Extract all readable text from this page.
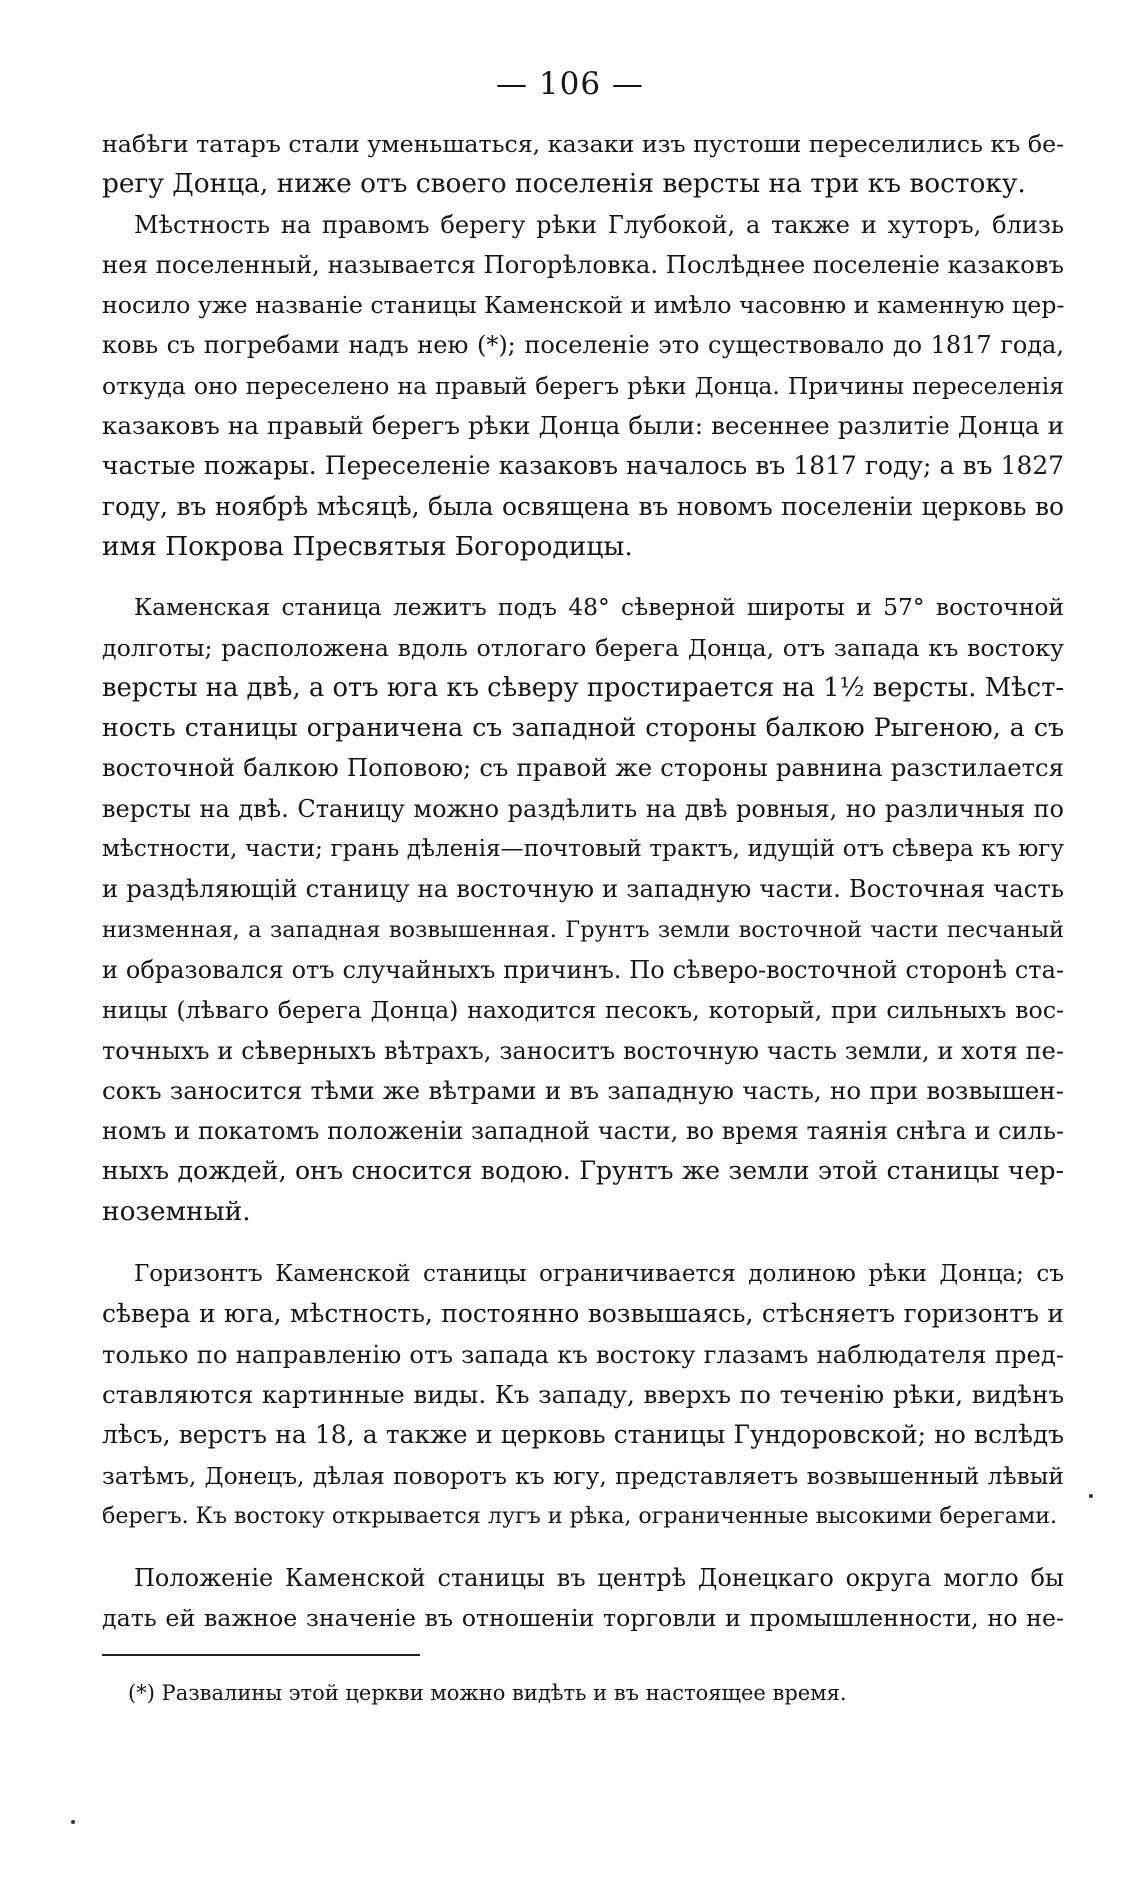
— 106 —

набѣги татаръ стали уменьшаться, казаки изъ пустоши переселились къ бе-
регу Донца, ниже отъ своего поселенія версты на три къ востоку.

Мѣстность на правомъ берегу рѣки Глубокой, а также и хуторъ, близь
нея поселенный, называется Погорѣловка. Послѣднее поселеніе казаковъ
носило уже названіе станицы Каменской и имѣло часовню и каменную цер-
ковь съ погребами надъ нею (*); поселеніе это существовало до 1817 года,
откуда оно переселено на правый берегъ рѣки Донца. Причины переселенія
казаковъ на правый берегъ рѣки Донца были: весеннее разлитіе Донца и
частые пожары. Переселеніе казаковъ началось въ 1817 году; а въ 1827
году, въ ноябрѣ мѣсяцѣ, была освящена въ новомъ поселеніи церковь во
имя Покрова Пресвятыя Богородицы.

Каменская станица лежитъ подъ 48° сѣверной широты и 57° восточной
долготы; расположена вдоль отлогаго берега Донца, отъ запада къ востоку
версты на двѣ, а отъ юга къ сѣверу простирается на 1½ версты. Мѣст-
ность станицы ограничена съ западной стороны балкою Рыгеною, а съ
восточной балкою Поповою; съ правой же стороны равнина разстилается
версты на двѣ. Станицу можно раздѣлить на двѣ ровныя, но различныя по
мѣстности, части; грань дѣленія—почтовый трактъ, идущій отъ сѣвера къ югу
и раздѣляющій станицу на восточную и западную части. Восточная часть
низменная, а западная возвышенная. Грунтъ земли восточной части песчаный
и образовался отъ случайныхъ причинъ. По сѣверо-восточной сторонѣ ста-
ницы (лѣваго берега Донца) находится песокъ, который, при сильныхъ вос-
точныхъ и сѣверныхъ вѣтрахъ, заноситъ восточную часть земли, и хотя пе-
сокъ заносится тѣми же вѣтрами и въ западную часть, но при возвышен-
номъ и покатомъ положеніи западной части, во время таянія снѣга и силь-
ныхъ дождей, онъ сносится водою. Грунтъ же земли этой станицы чер-
ноземный.

Горизонтъ Каменской станицы ограничивается долиною рѣки Донца; съ
сѣвера и юга, мѣстность, постоянно возвышаясь, стѣсняетъ горизонтъ и
только по направленію отъ запада къ востоку глазамъ наблюдателя пред-
ставляются картинные виды. Къ западу, вверхъ по теченію рѣки, видѣнъ
лѣсъ, верстъ на 18, а также и церковь станицы Гундоровской; но вслѣдъ
затѣмъ, Донецъ, дѣлая поворотъ къ югу, представляетъ возвышенный лѣвый
берегъ. Къ востоку открывается лугъ и рѣка, ограниченные высокими берегами.

Положеніе Каменской станицы въ центрѣ Донецкаго округа могло бы
дать ей важное значеніе въ отношеніи торговли и промышленности, но не-

(*) Развалины этой церкви можно видѣть и въ настоящее время.
